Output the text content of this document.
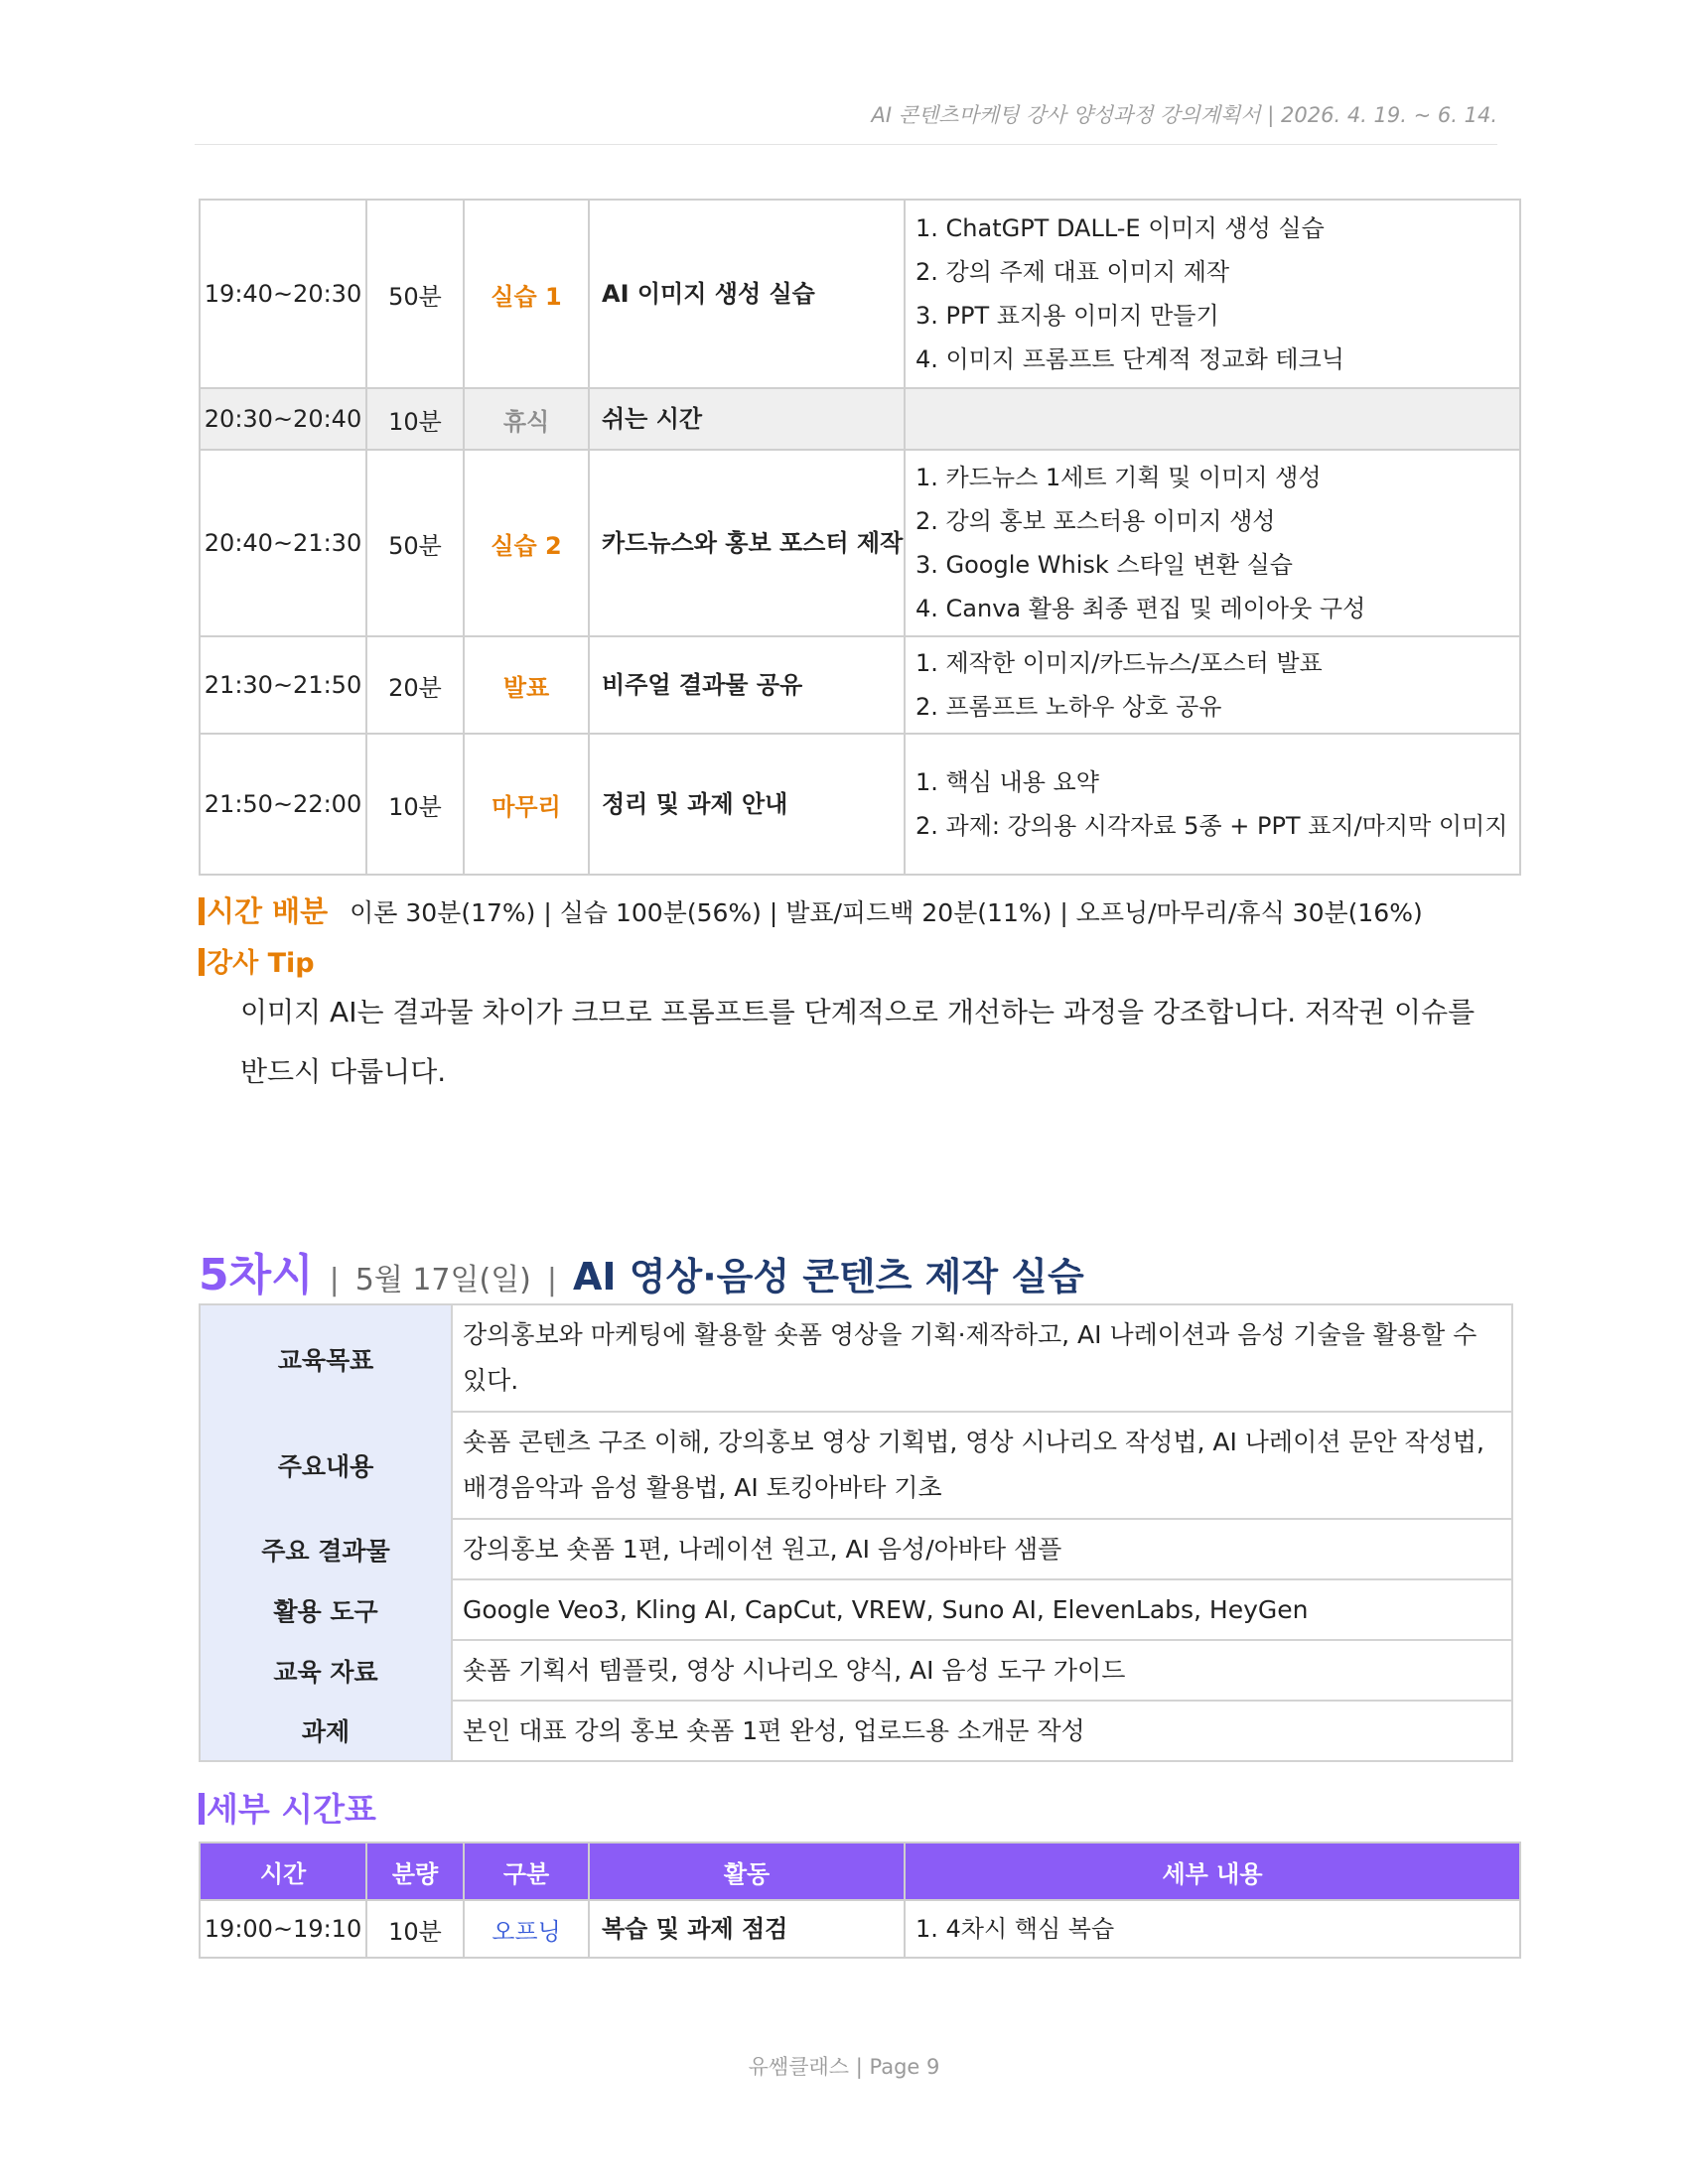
AI 콘텐츠마케팅 강사 양성과정 강의계획서 | 2026. 4. 19. ~ 6. 14.
19:40~20:30	50분	실습 1	AI 이미지 생성 실습	1. ChatGPT DALL-E 이미지 생성 실습
2. 강의 주제 대표 이미지 제작
3. PPT 표지용 이미지 만들기
4. 이미지 프롬프트 단계적 정교화 테크닉

20:30~20:40	10분	휴식	쉬는 시간	
20:40~21:30	50분	실습 2	카드뉴스와 홍보 포스터 제작	1. 카드뉴스 1세트 기획 및 이미지 생성
2. 강의 홍보 포스터용 이미지 생성
3. Google Whisk 스타일 변환 실습
4. Canva 활용 최종 편집 및 레이아웃 구성

21:30~21:50	20분	발표	비주얼 결과물 공유	1. 제작한 이미지/카드뉴스/포스터 발표
2. 프롬프트 노하우 상호 공유

21:50~22:00	10분	마무리	정리 및 과제 안내	1. 핵심 내용 요약
2. 과제: 강의용 시각자료 5종 + PPT 표지/마지막 이미지
시간 배분 이론 30분(17%) | 실습 100분(56%) | 발표/피드백 20분(11%) | 오프닝/마무리/휴식 30분(16%)
강사 Tip
이미지 AI는 결과물 차이가 크므로 프롬프트를 단계적으로 개선하는 과정을 강조합니다. 저작권 이슈를 반드시 다룹니다.
5차시 | 5월 17일(일) | AI 영상·음성 콘텐츠 제작 실습
교육목표	강의홍보와 마케팅에 활용할 숏폼 영상을 기획·제작하고, AI 나레이션과 음성 기술을 활용할 수 있다.
주요내용	숏폼 콘텐츠 구조 이해, 강의홍보 영상 기획법, 영상 시나리오 작성법, AI 나레이션 문안 작성법, 배경음악과 음성 활용법, AI 토킹아바타 기초
주요 결과물	강의홍보 숏폼 1편, 나레이션 원고, AI 음성/아바타 샘플
활용 도구	Google Veo3, Kling AI, CapCut, VREW, Suno AI, ElevenLabs, HeyGen
교육 자료	숏폼 기획서 템플릿, 영상 시나리오 양식, AI 음성 도구 가이드
과제	본인 대표 강의 홍보 숏폼 1편 완성, 업로드용 소개문 작성
세부 시간표
시간	분량	구분	활동	세부 내용
19:00~19:10	10분	오프닝	복습 및 과제 점검	1. 4차시 핵심 복습
유쌤클래스 | Page 9
